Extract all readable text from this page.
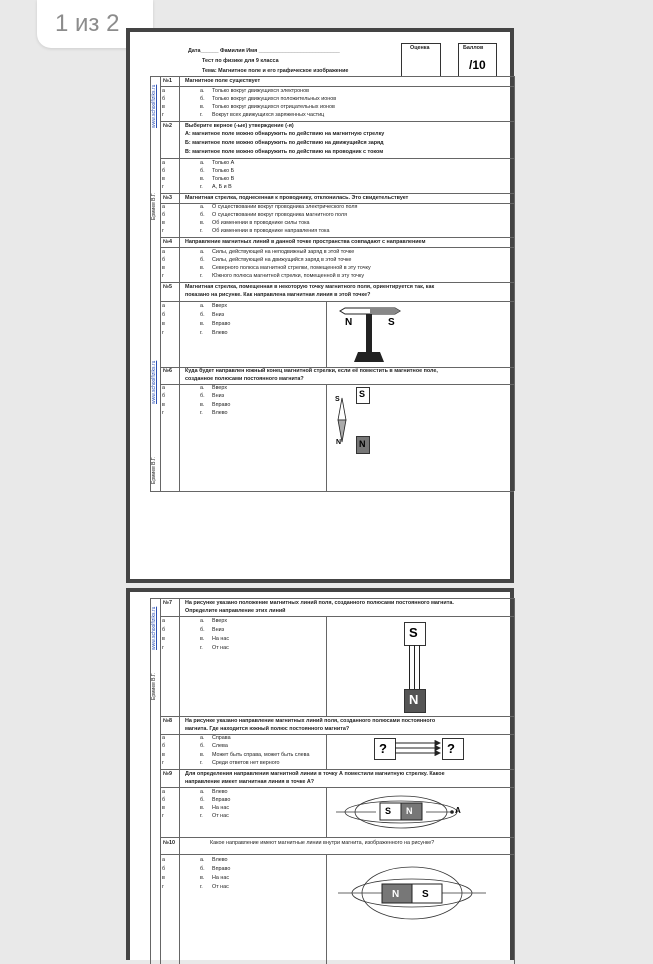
1 из 2
Дата______ Фамилия Имя ___________________________
Тест по физике для 9 класса
Тема: Магнитное поле и его графическое изображение
Оценка	Баллов
/10
www.schoolfiziks.ru
Ермиев В.Г.
www.schoolfiziks.ru
Ермиев В.Г.
№1 Магнитное поле существует
а	а. Только вокруг движущихся электронов
б	б. Только вокруг движущихся положительных ионов
в	в. Только вокруг движущихся отрицательных ионов
г	г. Вокруг всех движущихся заряженных частиц
№2 Выберите верное (-ые) утверждение (-я)
А: магнитное поле можно обнаружить по действию на магнитную стрелку
Б: магнитное поле можно обнаружить по действию на движущийся заряд
В: магнитное поле можно обнаружить по действию на проводник с током
а	а. Только А
б	б. Только Б
в	в. Только В
г	г. А, Б и В
№3 Магнитная стрелка, поднесенная к проводнику, отклонилась. Это свидетельствует
а	а. О существовании вокруг проводника электрического поля
б	б. О существовании вокруг проводника магнитного поля
в	в. Об изменении в проводнике силы тока
г	г. Об изменении в проводнике направления тока
№4 Направление магнитных линий в данной точке пространства совпадают с направлением
а	а. Силы, действующей на неподвижный заряд в этой точке
б	б. Силы, действующей на движущийся заряд в этой точке
в	в. Северного полюса магнитной стрелки, помещенной в эту точку
г	г. Южного полюса магнитной стрелки, помещенной в эту точку
№5 Магнитная стрелка, помещенная в некоторую точку магнитного поля, ориентируется так, как
показано на рисунке. Как направлена магнитная линия в этой точке?
а	а. Вверх
б	б. Вниз
в	в. Вправо
г	г. Влево
N	S
№6 Куда будет направлен южный конец магнитной стрелки, если её поместить в магнитное поле,
созданное полюсами постоянного магнита?
а	а. Вверх
б	б. Вниз
в	в. Вправо
г	г. Влево
S
N
S
N
www.schoolfiziks.ru
Ермиев В.Г.
№7 На рисунке указано положение магнитных линий поля, созданного полюсами постоянного магнита.
Определите направление этих линий
а	а. Вверх
б	б. Вниз
в	в. На нас
г	г. От нас
S
N
№8 На рисунке указано направление магнитных линий поля, созданного полюсами постоянного
магнита. Где находится южный полюс постоянного магнита?
а	а. Справа
б	б. Слева
в	в. Может быть справа, может быть слева
г	г. Среди ответов нет верного
?	?
№9 Для определения направления магнитной линии в точку А поместили магнитную стрелку. Какое
направление имеет магнитная линия в точке А?
а	а. Влево
б	б. Вправо
в	в. На нас
г	г. От нас	S N	A
№10	Какое направление имеют магнитные линии внутри магнита, изображенного на рисунке?
а	а. Влево
б	б. Вправо
в	в. На нас
г	г. От нас
N S
